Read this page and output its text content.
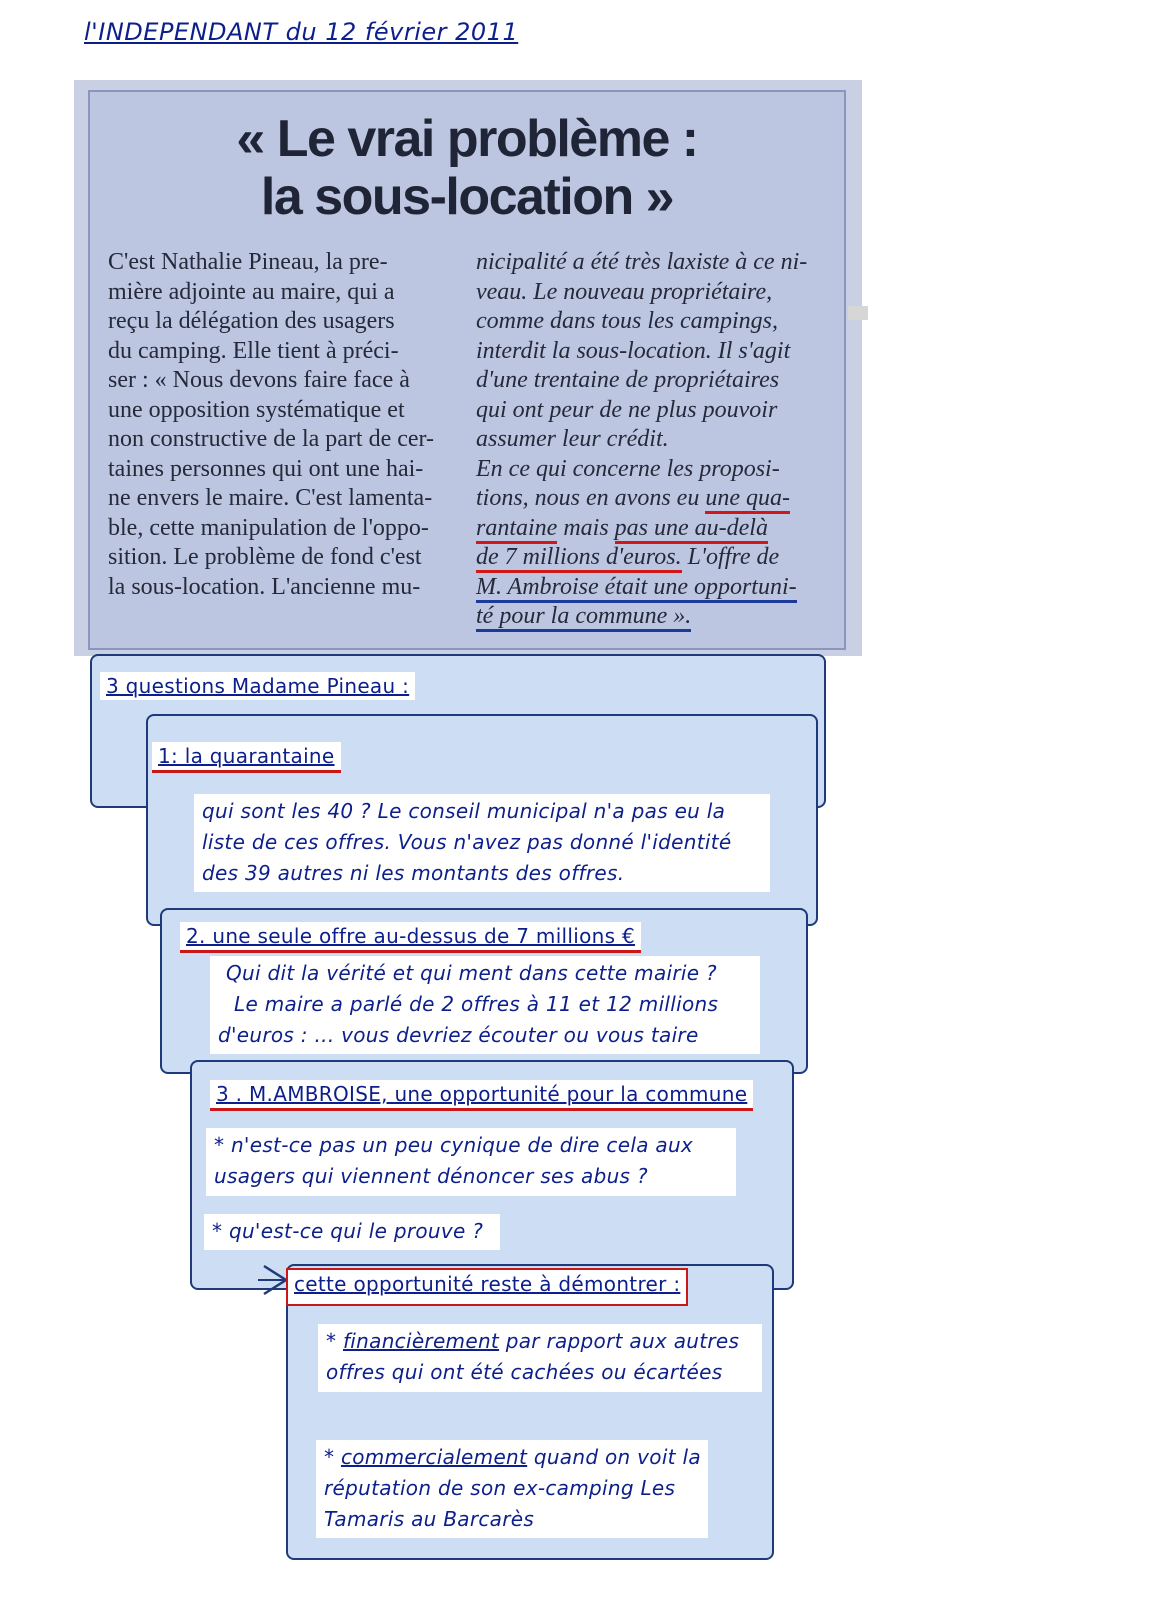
l'INDEPENDANT du 12 février 2011
« Le vrai problème :
la sous-location »

C'est Nathalie Pineau, la pre-

mière adjointe au maire, qui a

reçu la délégation des usagers

du camping. Elle tient à préci-

ser : « Nous devons faire face à

une opposition systématique et

non constructive de la part de cer-

taines personnes qui ont une hai-

ne envers le maire. C'est lamenta-

ble, cette manipulation de l'oppo-

sition. Le problème de fond c'est

la sous-location. L'ancienne mu-

nicipalité a été très laxiste à ce ni-

veau. Le nouveau propriétaire,

comme dans tous les campings,

interdit la sous-location. Il s'agit

d'une trentaine de propriétaires

qui ont peur de ne plus pouvoir

assumer leur crédit.

En ce qui concerne les proposi-

tions, nous en avons eu une qua-

rantaine mais pas une au-delà

de 7 millions d'euros. L'offre de

M. Ambroise était une opportuni-

té pour la commune ».

3 questions Madame Pineau :
1: la quarantaine
qui sont les 40 ? Le conseil municipal n'a pas eu la
liste de ces offres. Vous n'avez pas donné l'identité
des 39 autres ni les montants des offres.
2. une seule offre au-dessus de 7 millions €
Qui dit la vérité et qui ment dans cette mairie ?
Le maire a parlé de 2 offres à 11 et 12 millions
d'euros : ... vous devriez écouter ou vous taire
3 . M.AMBROISE, une opportunité pour la commune
* n'est-ce pas un peu cynique de dire cela aux
usagers qui viennent dénoncer ses abus ?
* qu'est-ce qui le prouve ?
cette opportunité reste à démontrer :
* financièrement par rapport aux autres
offres qui ont été cachées ou écartées
* commercialement quand on voit la
réputation de son ex-camping Les
Tamaris au Barcarès
